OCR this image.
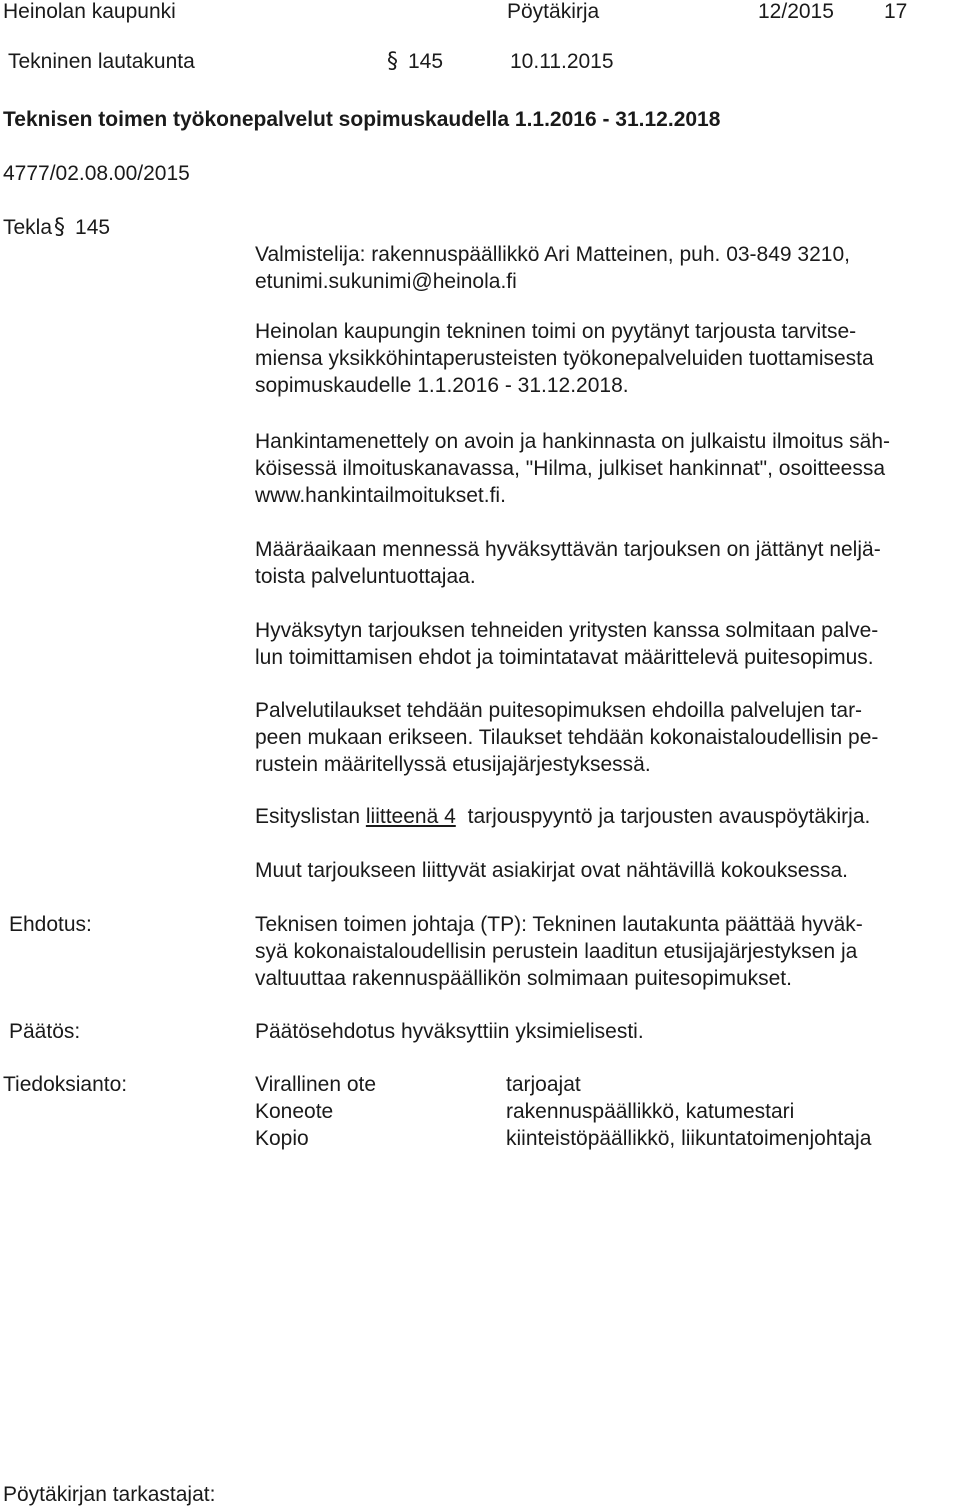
Heinolan kaupunki	Pöytäkirja	12/2015 17
Tekninen lautakunta	§ 145	10.11.2015
Teknisen toimen työkonepalvelut sopimuskaudella 1.1.2016 - 31.12.2018
4777/02.08.00/2015
Tekla§ 145
Valmistelija: rakennuspäällikkö Ari Matteinen, puh. 03-849 3210,
etunimi.sukunimi@heinola.fi
Heinolan kaupungin tekninen toimi on pyytänyt tarjousta tarvitse-
miensa yksikköhintaperusteisten työkonepalveluiden tuottamisesta
sopimuskaudelle 1.1.2016 - 31.12.2018.
Hankintamenettely on avoin ja hankinnasta on julkaistu ilmoitus säh-
köisessä ilmoituskanavassa, "Hilma, julkiset hankinnat", osoitteessa
www.hankintailmoitukset.fi.
Määräaikaan mennessä hyväksyttävän tarjouksen on jättänyt neljä-
toista palveluntuottajaa.
Hyväksytyn tarjouksen tehneiden yritysten kanssa solmitaan palve-
lun toimittamisen ehdot ja toimintatavat määrittelevä puitesopimus.
Palvelutilaukset tehdään puitesopimuksen ehdoilla palvelujen tar-
peen mukaan erikseen. Tilaukset tehdään kokonaistaloudellisin pe-
rustein määritellyssä etusijajärjestyksessä.
Esityslistan liitteenä 4 tarjouspyyntö ja tarjousten avauspöytäkirja.
Muut tarjoukseen liittyvät asiakirjat ovat nähtävillä kokouksessa.
Ehdotus:	Teknisen toimen johtaja (TP): Tekninen lautakunta päättää hyväk-
syä kokonaistaloudellisin perustein laaditun etusijajärjestyksen ja
valtuuttaa rakennuspäällikön solmimaan puitesopimukset.
Päätös:	Päätösehdotus hyväksyttiin yksimielisesti.
Tiedoksianto:	Virallinen ote	tarjoajat
Koneote	rakennuspäällikkö, katumestari
Kopio	kiinteistöpäällikkö, liikuntatoimenjohtaja
Pöytäkirjan tarkastajat:
